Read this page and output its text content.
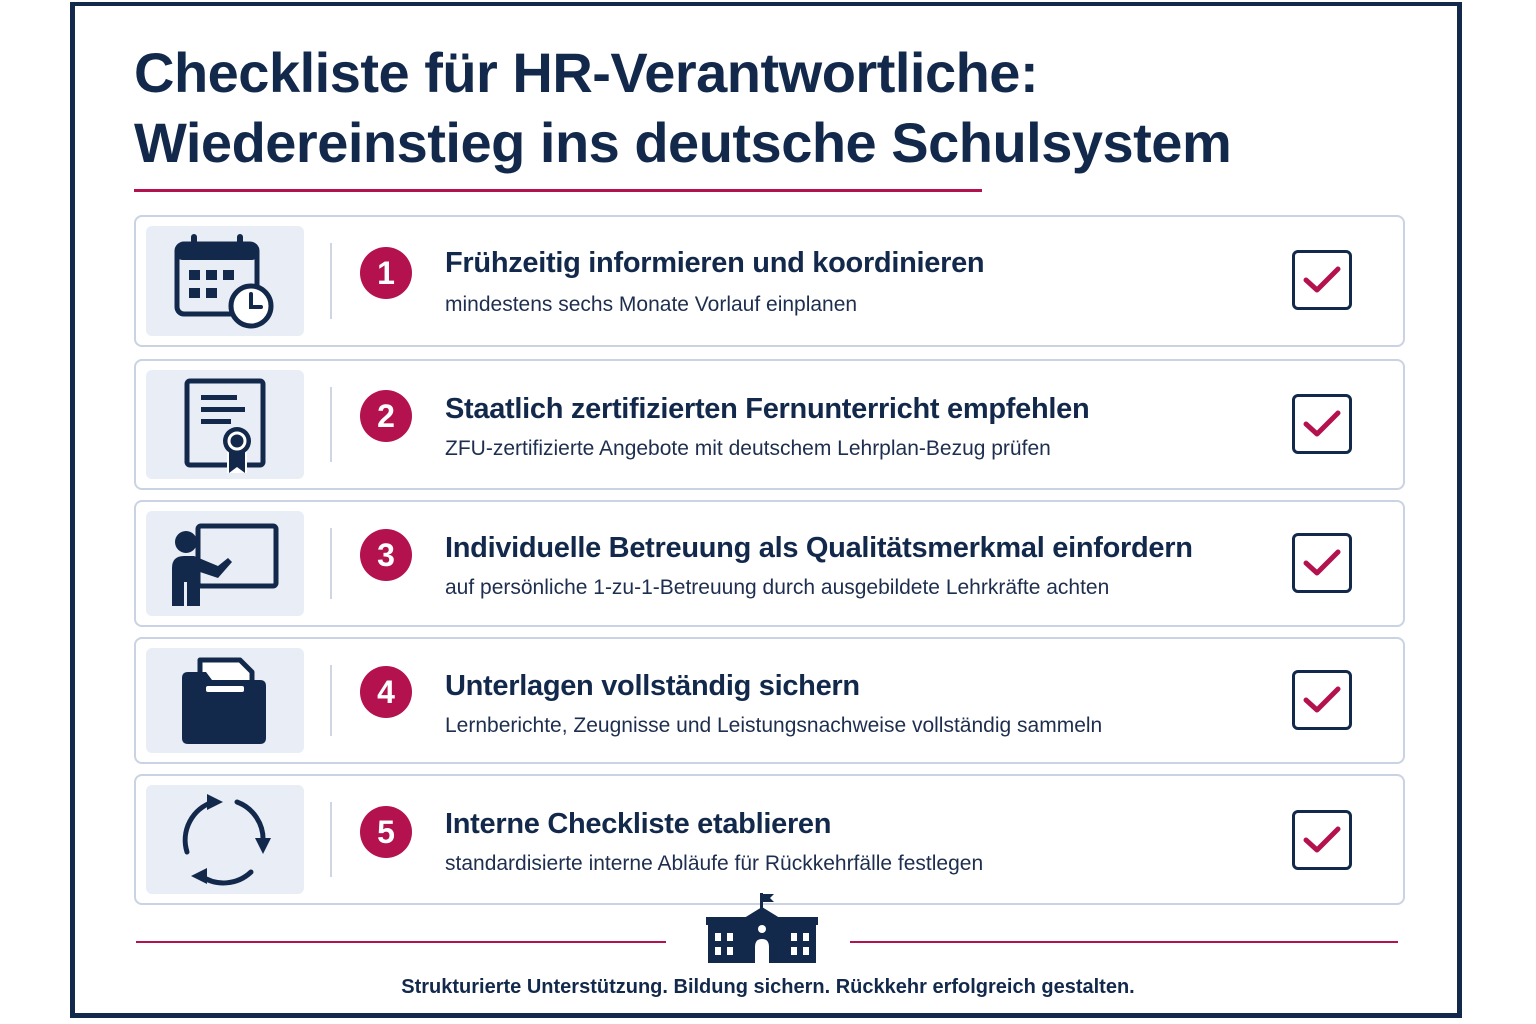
Checkliste für HR-Verantwortliche:
Wiedereinstieg ins deutsche Schulsystem
1	Frühzeitig informieren und koordinieren
mindestens sechs Monate Vorlauf einplanen
2	Staatlich zertifizierten Fernunterricht empfehlen
ZFU-zertifizierte Angebote mit deutschem Lehrplan-Bezug prüfen
3	Individuelle Betreuung als Qualitätsmerkmal einfordern
auf persönliche 1-zu-1-Betreuung durch ausgebildete Lehrkräfte achten
4	Unterlagen vollständig sichern
Lernberichte, Zeugnisse und Leistungsnachweise vollständig sammeln
5	Interne Checkliste etablieren
standardisierte interne Abläufe für Rückkehrfälle festlegen
Strukturierte Unterstützung. Bildung sichern. Rückkehr erfolgreich gestalten.
